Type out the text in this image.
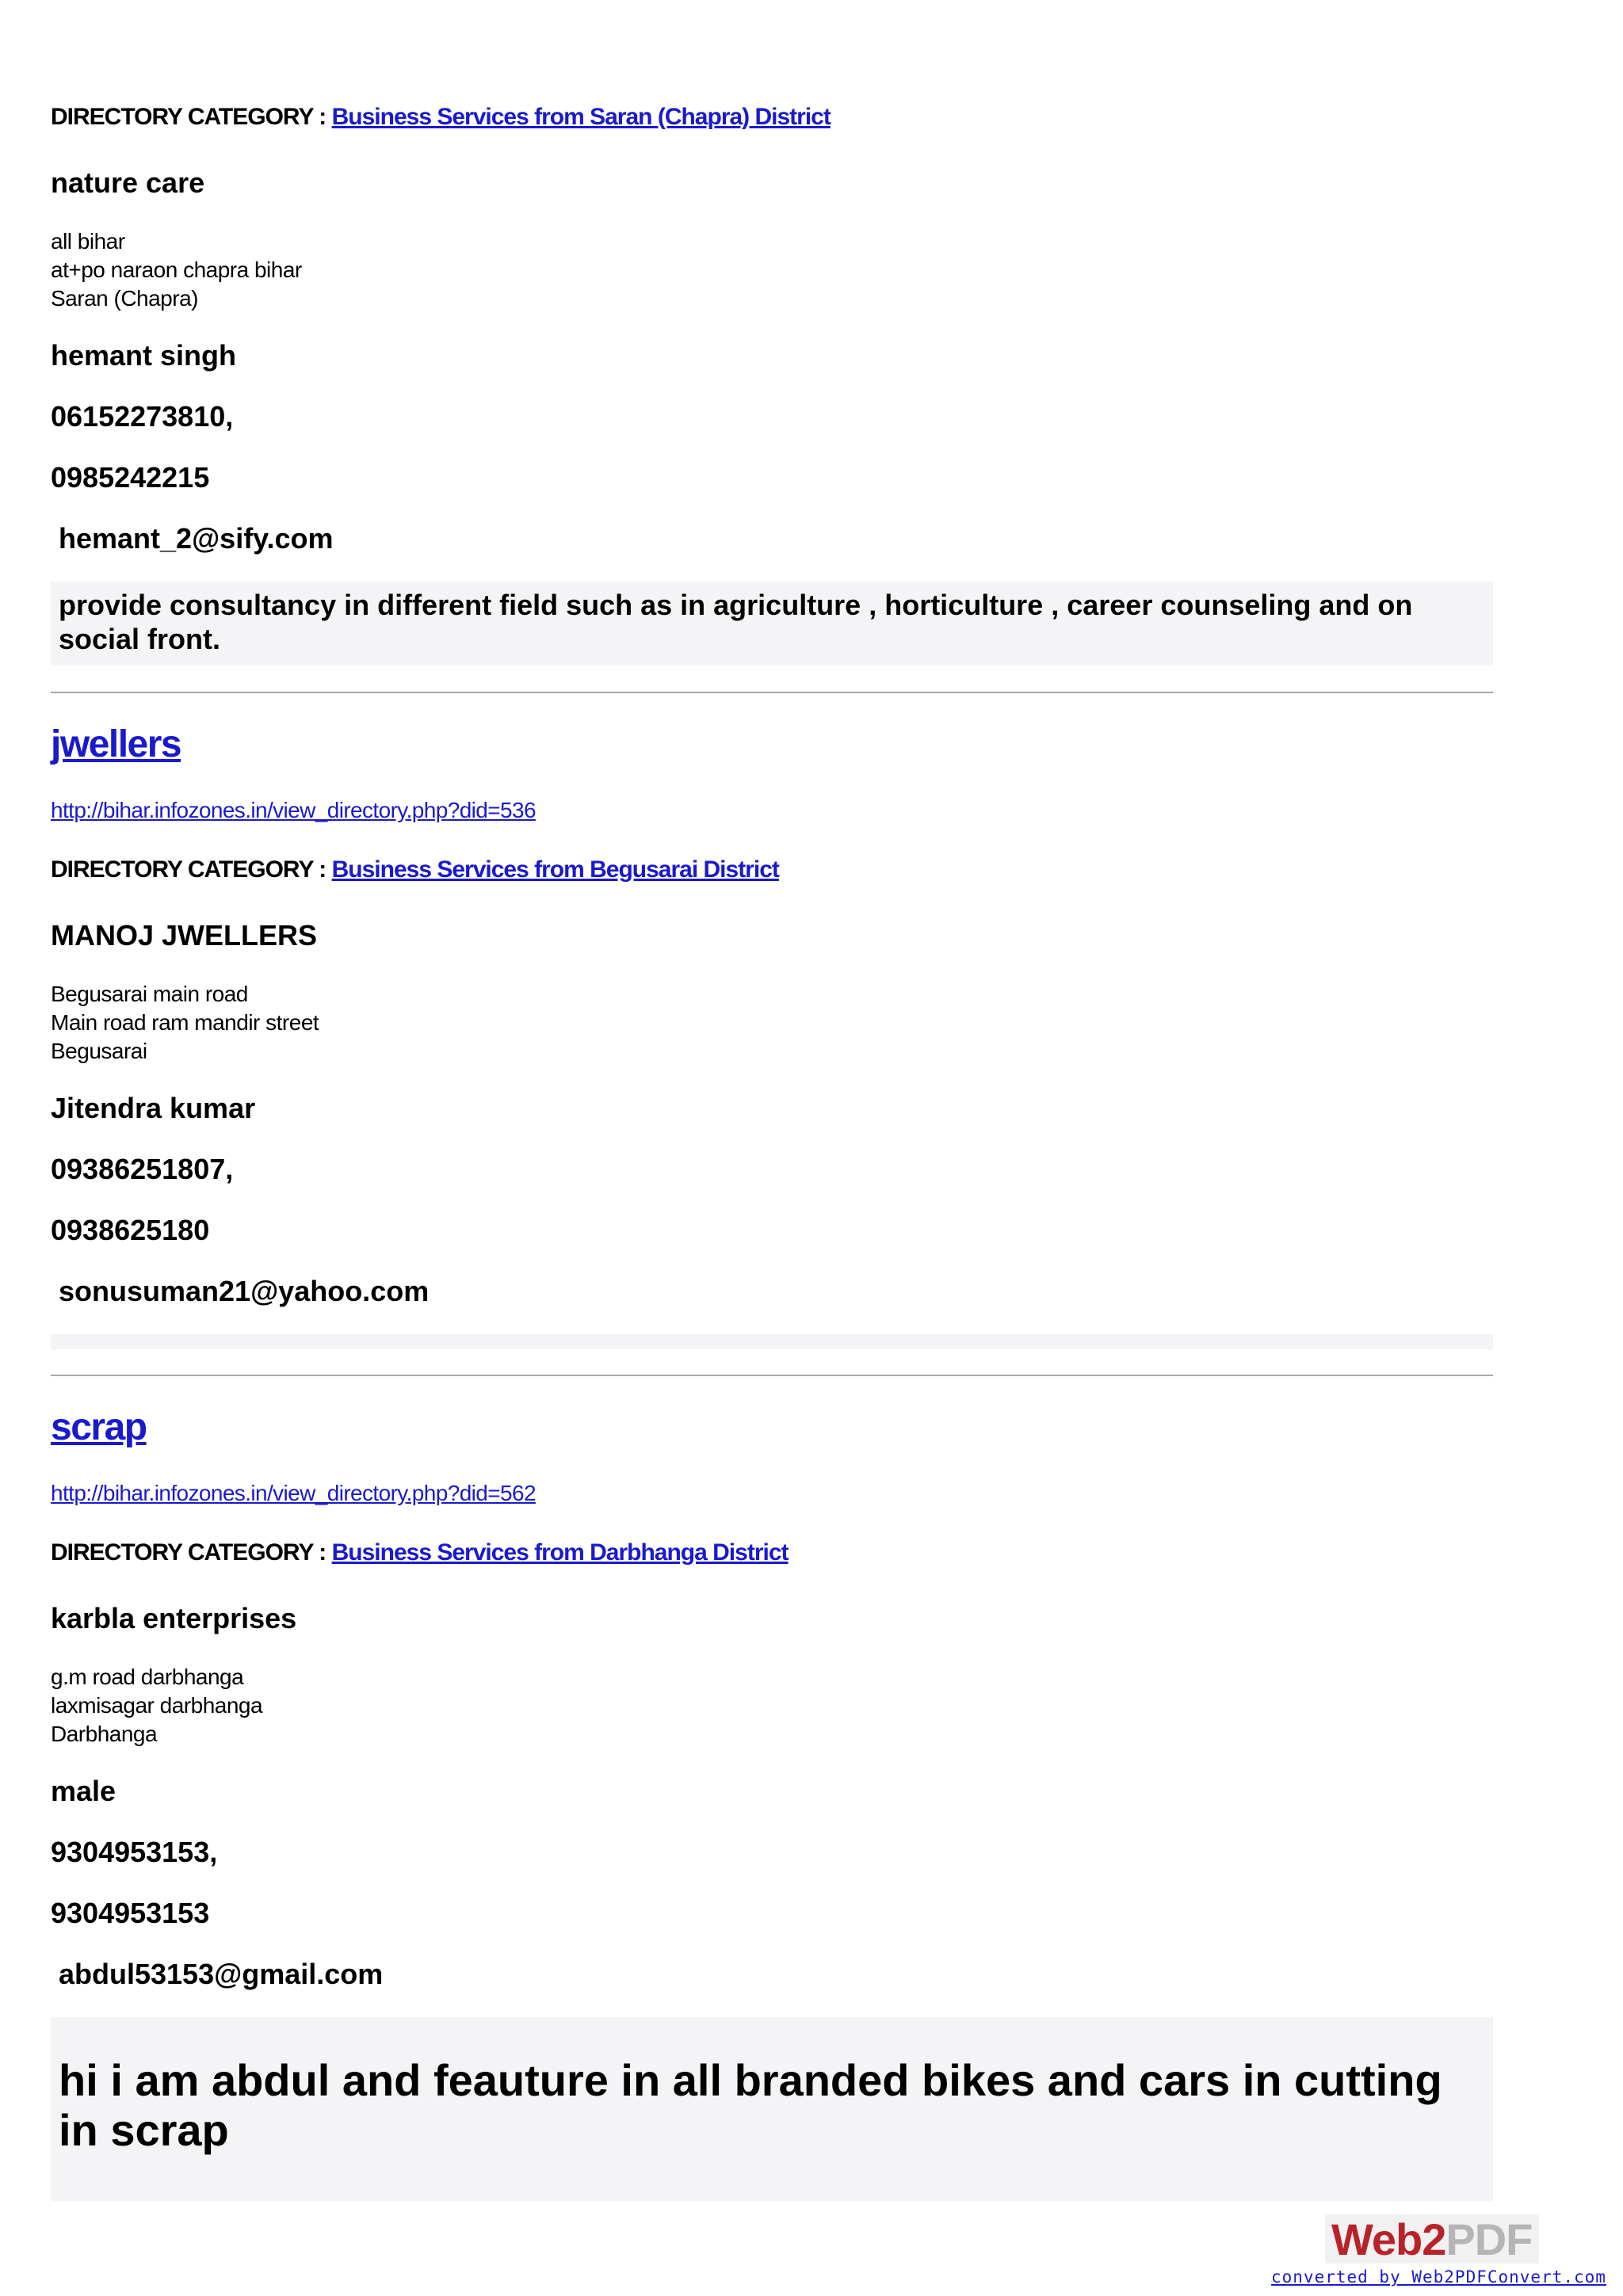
DIRECTORY CATEGORY : Business Services from Saran (Chapra) District
nature care
all bihar
at+po naraon chapra bihar
Saran (Chapra)
hemant singh
06152273810,
0985242215
hemant_2@sify.com
provide consultancy in different field such as in agriculture , horticulture , career counseling and on social front.
jwellers
http://bihar.infozones.in/view_directory.php?did=536
DIRECTORY CATEGORY : Business Services from Begusarai District
MANOJ JWELLERS
Begusarai main road
Main road ram mandir street
Begusarai
Jitendra kumar
09386251807,
0938625180
sonusuman21@yahoo.com
scrap
http://bihar.infozones.in/view_directory.php?did=562
DIRECTORY CATEGORY : Business Services from Darbhanga District
karbla enterprises
g.m road darbhanga
laxmisagar darbhanga
Darbhanga
male
9304953153,
9304953153
abdul53153@gmail.com
hi i am abdul and feauture in all branded bikes and cars in cutting in scrap
Web2PDF
converted by Web2PDFConvert.com
